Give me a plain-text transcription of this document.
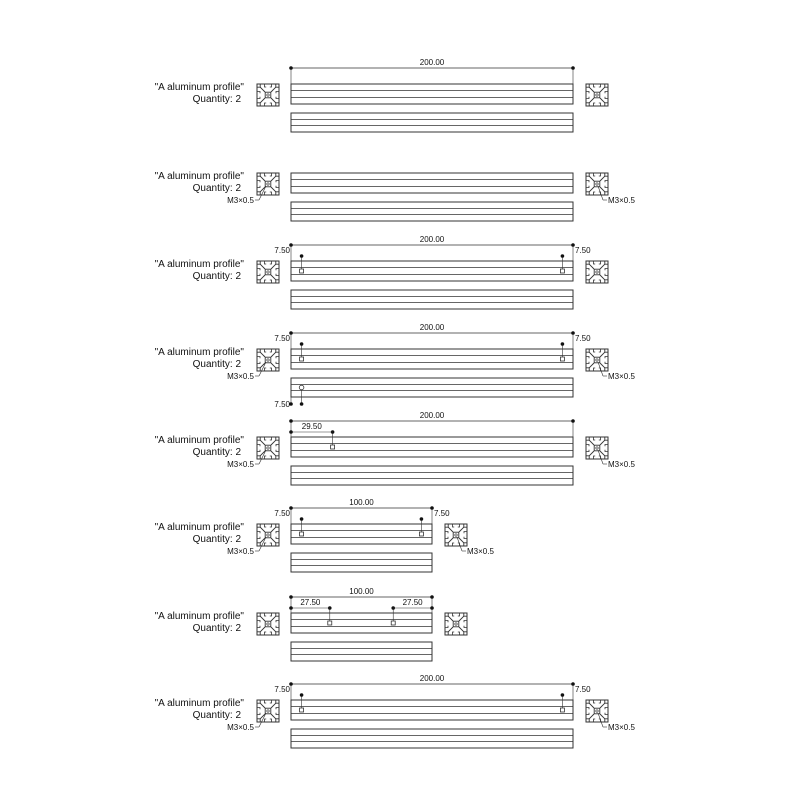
"A aluminum profile"
Quantity: 2
200.00
"A aluminum profile"
Quantity: 2
M3×0.5	M3×0.5
"A aluminum profile"
Quantity: 2
200.00
7.50	7.50
"A aluminum profile"
Quantity: 2
200.00
7.50	7.50
7.50
M3×0.5	M3×0.5
"A aluminum profile"
Quantity: 2
200.00
29.50
M3×0.5	M3×0.5
"A aluminum profile"
Quantity: 2
100.00
7.50	7.50
M3×0.5	M3×0.5
"A aluminum profile"
Quantity: 2
100.00
27.50	27.50
"A aluminum profile"
Quantity: 2
200.00
7.50	7.50
M3×0.5	M3×0.5
